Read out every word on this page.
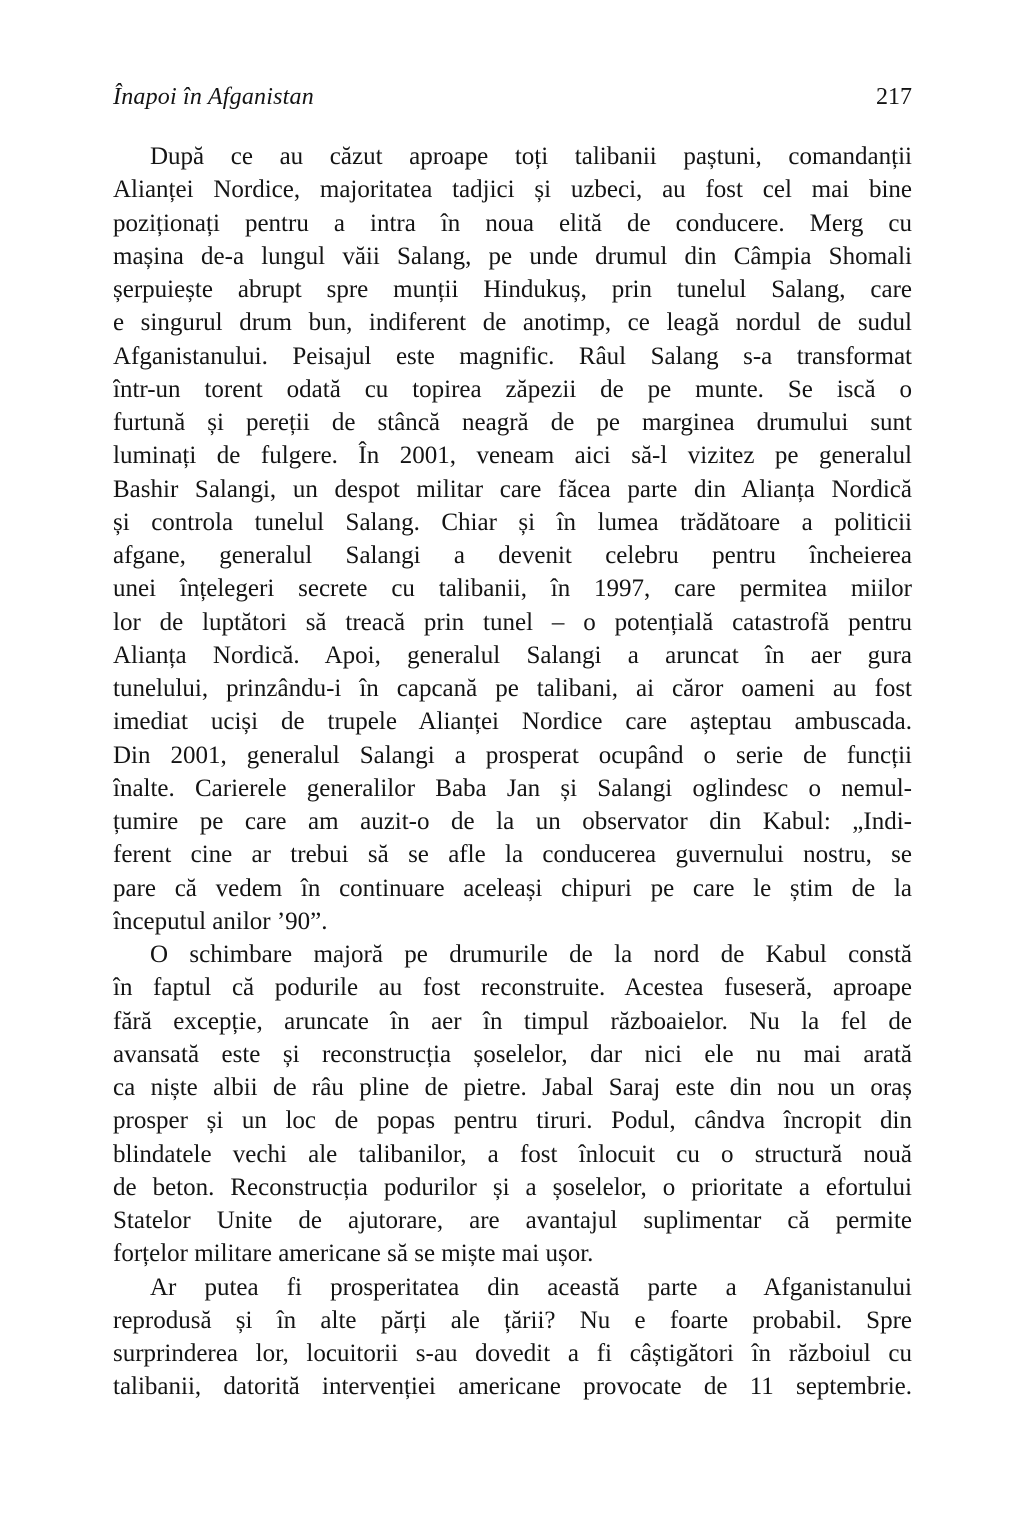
Înapoi în Afganistan	217
După ce au căzut aproape toți talibanii paștuni, comandanții
Alianței Nordice, majoritatea tadjici și uzbeci, au fost cel mai bine
poziționați pentru a intra în noua elită de conducere. Merg cu
mașina de-a lungul văii Salang, pe unde drumul din Câmpia Shomali
șerpuiește abrupt spre munții Hindukuș, prin tunelul Salang, care
e singurul drum bun, indiferent de anotimp, ce leagă nordul de sudul
Afganistanului. Peisajul este magnific. Râul Salang s-a transformat
într-un torent odată cu topirea zăpezii de pe munte. Se iscă o
furtună și pereții de stâncă neagră de pe marginea drumului sunt
luminați de fulgere. În 2001, veneam aici să-l vizitez pe generalul
Bashir Salangi, un despot militar care făcea parte din Alianța Nordică
și controla tunelul Salang. Chiar și în lumea trădătoare a politicii
afgane, generalul Salangi a devenit celebru pentru încheierea
unei înțelegeri secrete cu talibanii, în 1997, care permitea miilor
lor de luptători să treacă prin tunel – o potențială catastrofă pentru
Alianța Nordică. Apoi, generalul Salangi a aruncat în aer gura
tunelului, prinzându-i în capcană pe talibani, ai căror oameni au fost
imediat uciși de trupele Alianței Nordice care așteptau ambuscada.
Din 2001, generalul Salangi a prosperat ocupând o serie de funcții
înalte. Carierele generalilor Baba Jan și Salangi oglindesc o nemul-
țumire pe care am auzit-o de la un observator din Kabul: „Indi-
ferent cine ar trebui să se afle la conducerea guvernului nostru, se
pare că vedem în continuare aceleași chipuri pe care le știm de la
începutul anilor ’90”.
O schimbare majoră pe drumurile de la nord de Kabul constă
în faptul că podurile au fost reconstruite. Acestea fuseseră, aproape
fără excepție, aruncate în aer în timpul războaielor. Nu la fel de
avansată este și reconstrucția șoselelor, dar nici ele nu mai arată
ca niște albii de râu pline de pietre. Jabal Saraj este din nou un oraș
prosper și un loc de popas pentru tiruri. Podul, cândva încropit din
blindatele vechi ale talibanilor, a fost înlocuit cu o structură nouă
de beton. Reconstrucția podurilor și a șoselelor, o prioritate a efortului
Statelor Unite de ajutorare, are avantajul suplimentar că permite
forțelor militare americane să se miște mai ușor.
Ar putea fi prosperitatea din această parte a Afganistanului
reprodusă și în alte părți ale țării? Nu e foarte probabil. Spre
surprinderea lor, locuitorii s-au dovedit a fi câștigători în războiul cu
talibanii, datorită intervenției americane provocate de 11 septembrie.
